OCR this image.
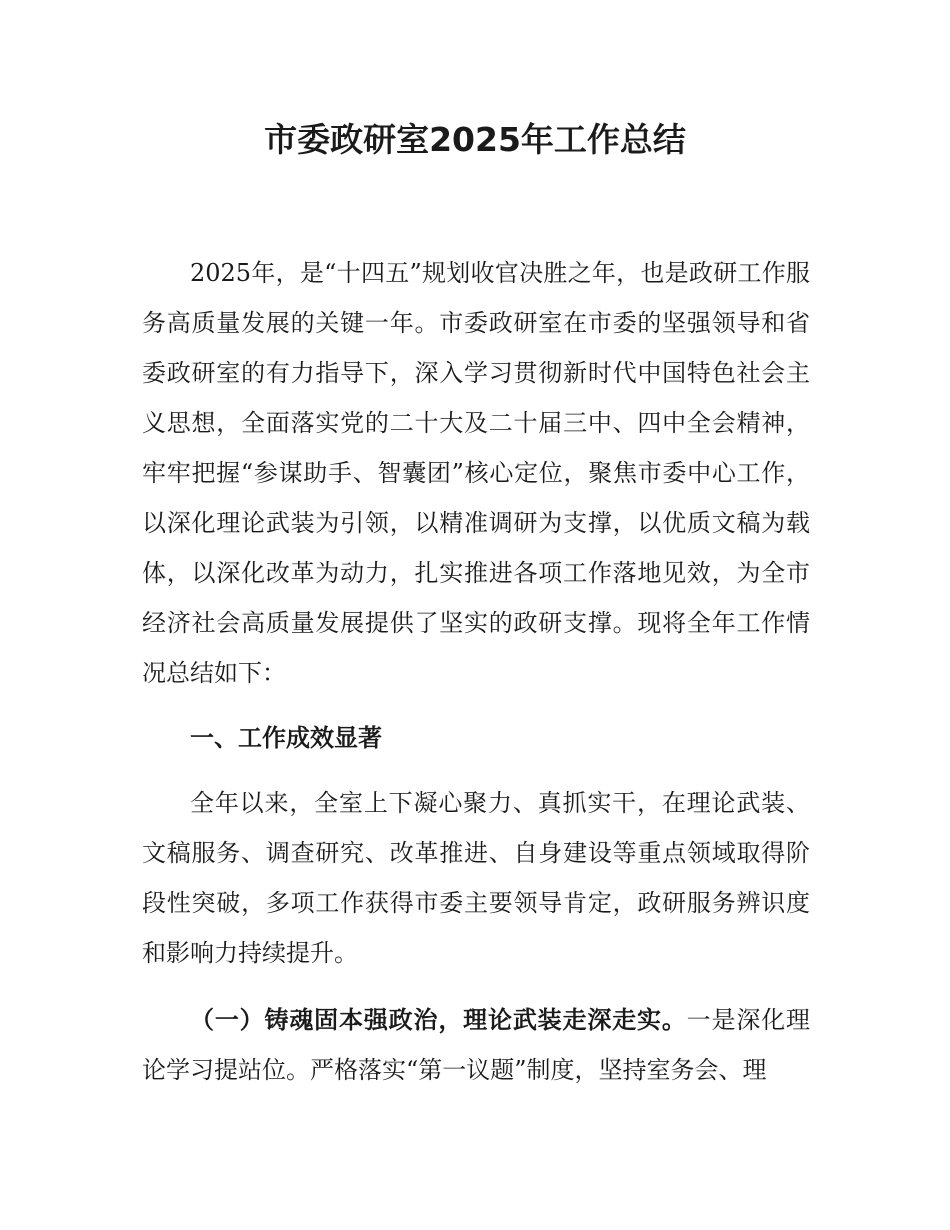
市委政研室2025年工作总结

2025年，是“十四五”规划收官决胜之年，也是政研工作服务高质量发展的关键一年。市委政研室在市委的坚强领导和省委政研室的有力指导下，深入学习贯彻新时代中国特色社会主义思想，全面落实党的二十大及二十届三中、四中全会精神，牢牢把握“参谋助手、智囊团”核心定位，聚焦市委中心工作，以深化理论武装为引领，以精准调研为支撑，以优质文稿为载体，以深化改革为动力，扎实推进各项工作落地见效，为全市经济社会高质量发展提供了坚实的政研支撑。现将全年工作情况总结如下：

一、工作成效显著

全年以来，全室上下凝心聚力、真抓实干，在理论武装、文稿服务、调查研究、改革推进、自身建设等重点领域取得阶段性突破，多项工作获得市委主要领导肯定，政研服务辨识度和影响力持续提升。

（一）铸魂固本强政治，理论武装走深走实。一是深化理论学习提站位。严格落实“第一议题”制度，坚持室务会、理
